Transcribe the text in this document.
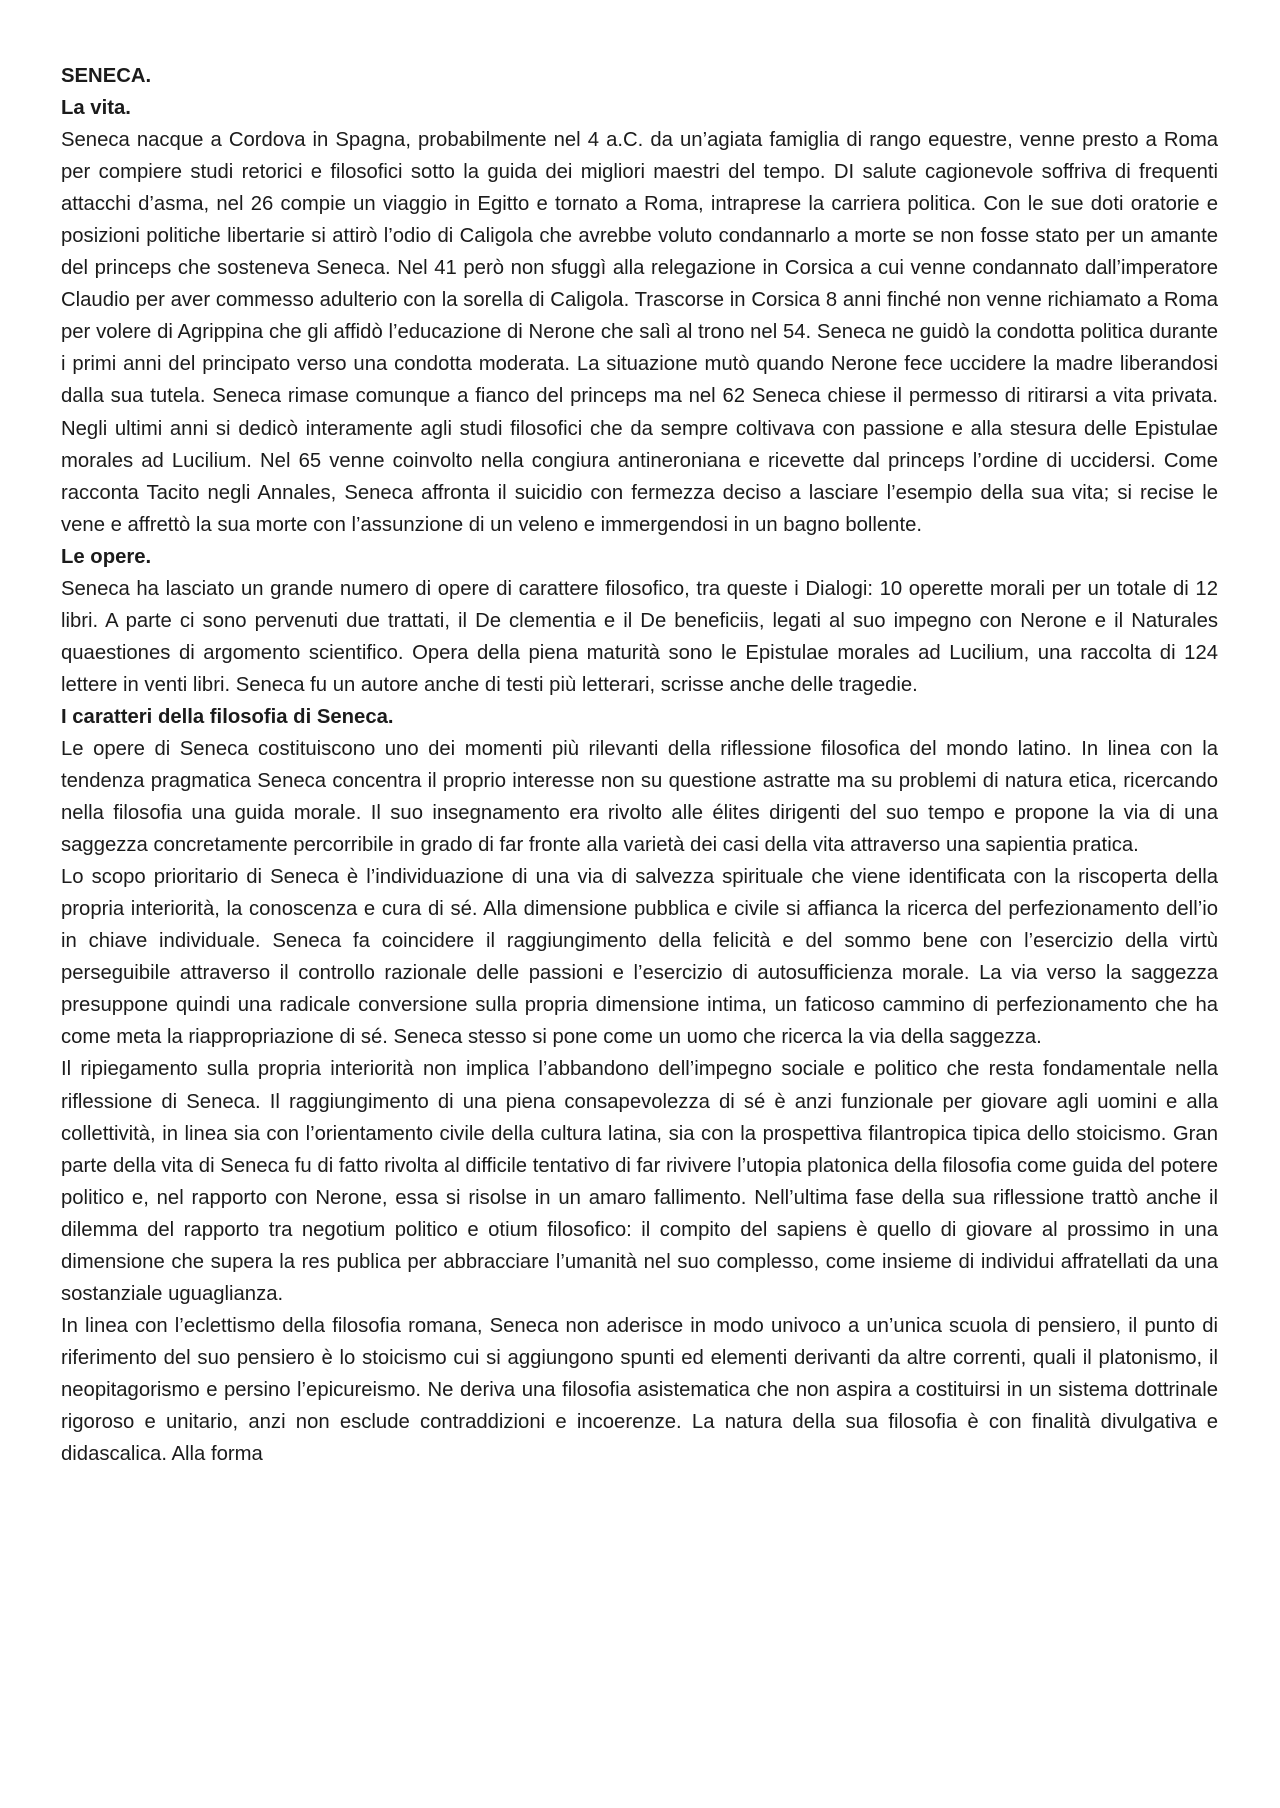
SENECA.

La vita.

Seneca nacque a Cordova in Spagna, probabilmente nel 4 a.C. da un’agiata famiglia di rango equestre, venne presto a Roma per compiere studi retorici e filosofici sotto la guida dei migliori maestri del tempo. DI salute cagionevole soffriva di frequenti attacchi d’asma, nel 26 compie un viaggio in Egitto e tornato a Roma, intraprese la carriera politica. Con le sue doti oratorie e posizioni politiche libertarie si attirò l’odio di Caligola che avrebbe voluto condannarlo a morte se non fosse stato per un amante del princeps che sosteneva Seneca. Nel 41 però non sfuggì alla relegazione in Corsica a cui venne condannato dall’imperatore Claudio per aver commesso adulterio con la sorella di Caligola. Trascorse in Corsica 8 anni finché non venne richiamato a Roma per volere di Agrippina che gli affidò l’educazione di Nerone che salì al trono nel 54. Seneca ne guidò la condotta politica durante i primi anni del principato verso una condotta moderata. La situazione mutò quando Nerone fece uccidere la madre liberandosi dalla sua tutela. Seneca rimase comunque a fianco del princeps ma nel 62 Seneca chiese il permesso di ritirarsi a vita privata. Negli ultimi anni si dedicò interamente agli studi filosofici che da sempre coltivava con passione e alla stesura delle Epistulae morales ad Lucilium. Nel 65 venne coinvolto nella congiura antineroniana e ricevette dal princeps l’ordine di uccidersi. Come racconta Tacito negli Annales, Seneca affronta il suicidio con fermezza deciso a lasciare l’esempio della sua vita; si recise le vene e affrettò la sua morte con l’assunzione di un veleno e immergendosi in un bagno bollente.

Le opere.

Seneca ha lasciato un grande numero di opere di carattere filosofico, tra queste i Dialogi: 10 operette morali per un totale di 12 libri. A parte ci sono pervenuti due trattati, il De clementia e il De beneficiis, legati al suo impegno con Nerone e il Naturales quaestiones di argomento scientifico. Opera della piena maturità sono le Epistulae morales ad Lucilium, una raccolta di 124 lettere in venti libri. Seneca fu un autore anche di testi più letterari, scrisse anche delle tragedie.

I caratteri della filosofia di Seneca.

Le opere di Seneca costituiscono uno dei momenti più rilevanti della riflessione filosofica del mondo latino. In linea con la tendenza pragmatica Seneca concentra il proprio interesse non su questione astratte ma su problemi di natura etica, ricercando nella filosofia una guida morale. Il suo insegnamento era rivolto alle élites dirigenti del suo tempo e propone la via di una saggezza concretamente percorribile in grado di far fronte alla varietà dei casi della vita attraverso una sapientia pratica.

Lo scopo prioritario di Seneca è l’individuazione di una via di salvezza spirituale che viene identificata con la riscoperta della propria interiorità, la conoscenza e cura di sé. Alla dimensione pubblica e civile si affianca la ricerca del perfezionamento dell’io in chiave individuale. Seneca fa coincidere il raggiungimento della felicità e del sommo bene con l’esercizio della virtù perseguibile attraverso il controllo razionale delle passioni e l’esercizio di autosufficienza morale. La via verso la saggezza presuppone quindi una radicale conversione sulla propria dimensione intima, un faticoso cammino di perfezionamento che ha come meta la riappropriazione di sé. Seneca stesso si pone come un uomo che ricerca la via della saggezza.

Il ripiegamento sulla propria interiorità non implica l’abbandono dell’impegno sociale e politico che resta fondamentale nella riflessione di Seneca. Il raggiungimento di una piena consapevolezza di sé è anzi funzionale per giovare agli uomini e alla collettività, in linea sia con l’orientamento civile della cultura latina, sia con la prospettiva filantropica tipica dello stoicismo. Gran parte della vita di Seneca fu di fatto rivolta al difficile tentativo di far rivivere l’utopia platonica della filosofia come guida del potere politico e, nel rapporto con Nerone, essa si risolse in un amaro fallimento. Nell’ultima fase della sua riflessione trattò anche il dilemma del rapporto tra negotium politico e otium filosofico: il compito del sapiens è quello di giovare al prossimo in una dimensione che supera la res publica per abbracciare l’umanità nel suo complesso, come insieme di individui affratellati da una sostanziale uguaglianza.

In linea con l’eclettismo della filosofia romana, Seneca non aderisce in modo univoco a un’unica scuola di pensiero, il punto di riferimento del suo pensiero è lo stoicismo cui si aggiungono spunti ed elementi derivanti da altre correnti, quali il platonismo, il neopitagorismo e persino l’epicureismo. Ne deriva una filosofia asistematica che non aspira a costituirsi in un sistema dottrinale rigoroso e unitario, anzi non esclude contraddizioni e incoerenze. La natura della sua filosofia è con finalità divulgativa e didascalica. Alla forma
